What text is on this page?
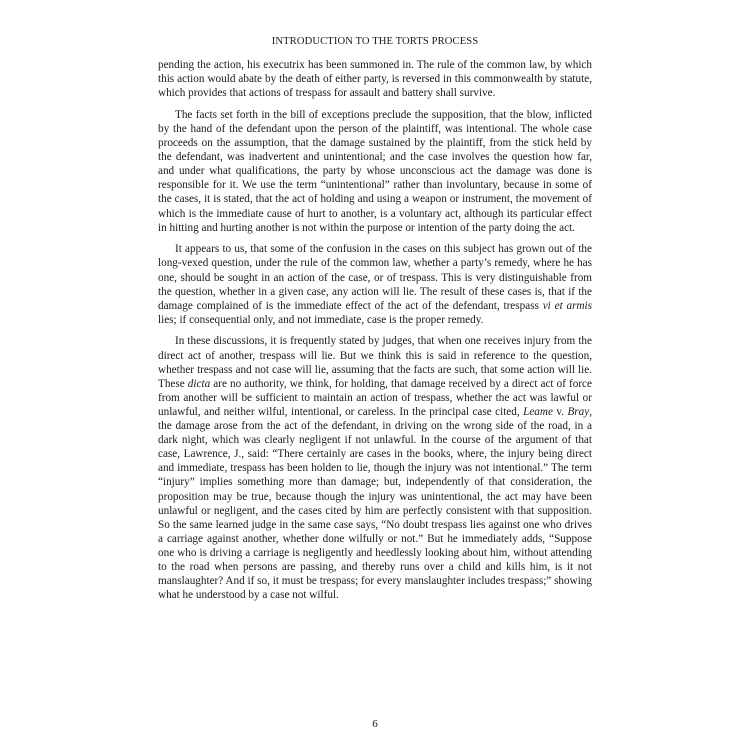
INTRODUCTION TO THE TORTS PROCESS

pending the action, his executrix has been summoned in. The rule of the common law, by which this action would abate by the death of either party, is reversed in this commonwealth by statute, which provides that actions of trespass for assault and battery shall survive.

The facts set forth in the bill of exceptions preclude the supposition, that the blow, inflicted by the hand of the defendant upon the person of the plaintiff, was intentional. The whole case proceeds on the assumption, that the damage sustained by the plaintiff, from the stick held by the defendant, was inadvertent and unintentional; and the case involves the question how far, and under what qualifications, the party by whose unconscious act the damage was done is responsible for it. We use the term “unintentional” rather than involuntary, because in some of the cases, it is stated, that the act of holding and using a weapon or instrument, the movement of which is the immediate cause of hurt to another, is a voluntary act, although its particular effect in hitting and hurting another is not within the purpose or intention of the party doing the act.

It appears to us, that some of the confusion in the cases on this subject has grown out of the long-vexed question, under the rule of the common law, whether a party’s remedy, where he has one, should be sought in an action of the case, or of trespass. This is very distinguishable from the question, whether in a given case, any action will lie. The result of these cases is, that if the damage complained of is the immediate effect of the act of the defendant, trespass vi et armis lies; if consequential only, and not immediate, case is the proper remedy.

In these discussions, it is frequently stated by judges, that when one receives injury from the direct act of another, trespass will lie. But we think this is said in reference to the question, whether trespass and not case will lie, assuming that the facts are such, that some action will lie. These dicta are no authority, we think, for holding, that damage received by a direct act of force from another will be sufficient to maintain an action of trespass, whether the act was lawful or unlawful, and neither wilful, intentional, or careless. In the principal case cited, Leame v. Bray, the damage arose from the act of the defendant, in driving on the wrong side of the road, in a dark night, which was clearly negligent if not unlawful. In the course of the argument of that case, Lawrence, J., said: “There certainly are cases in the books, where, the injury being direct and immediate, trespass has been holden to lie, though the injury was not intentional.” The term “injury” implies something more than damage; but, independently of that consideration, the proposition may be true, because though the injury was unintentional, the act may have been unlawful or negligent, and the cases cited by him are perfectly consistent with that supposition. So the same learned judge in the same case says, “No doubt trespass lies against one who drives a carriage against another, whether done wilfully or not.” But he immediately adds, “Suppose one who is driving a carriage is negligently and heedlessly looking about him, without attending to the road when persons are passing, and thereby runs over a child and kills him, is it not manslaughter? And if so, it must be trespass; for every manslaughter includes trespass;” showing what he understood by a case not wilful.

6
